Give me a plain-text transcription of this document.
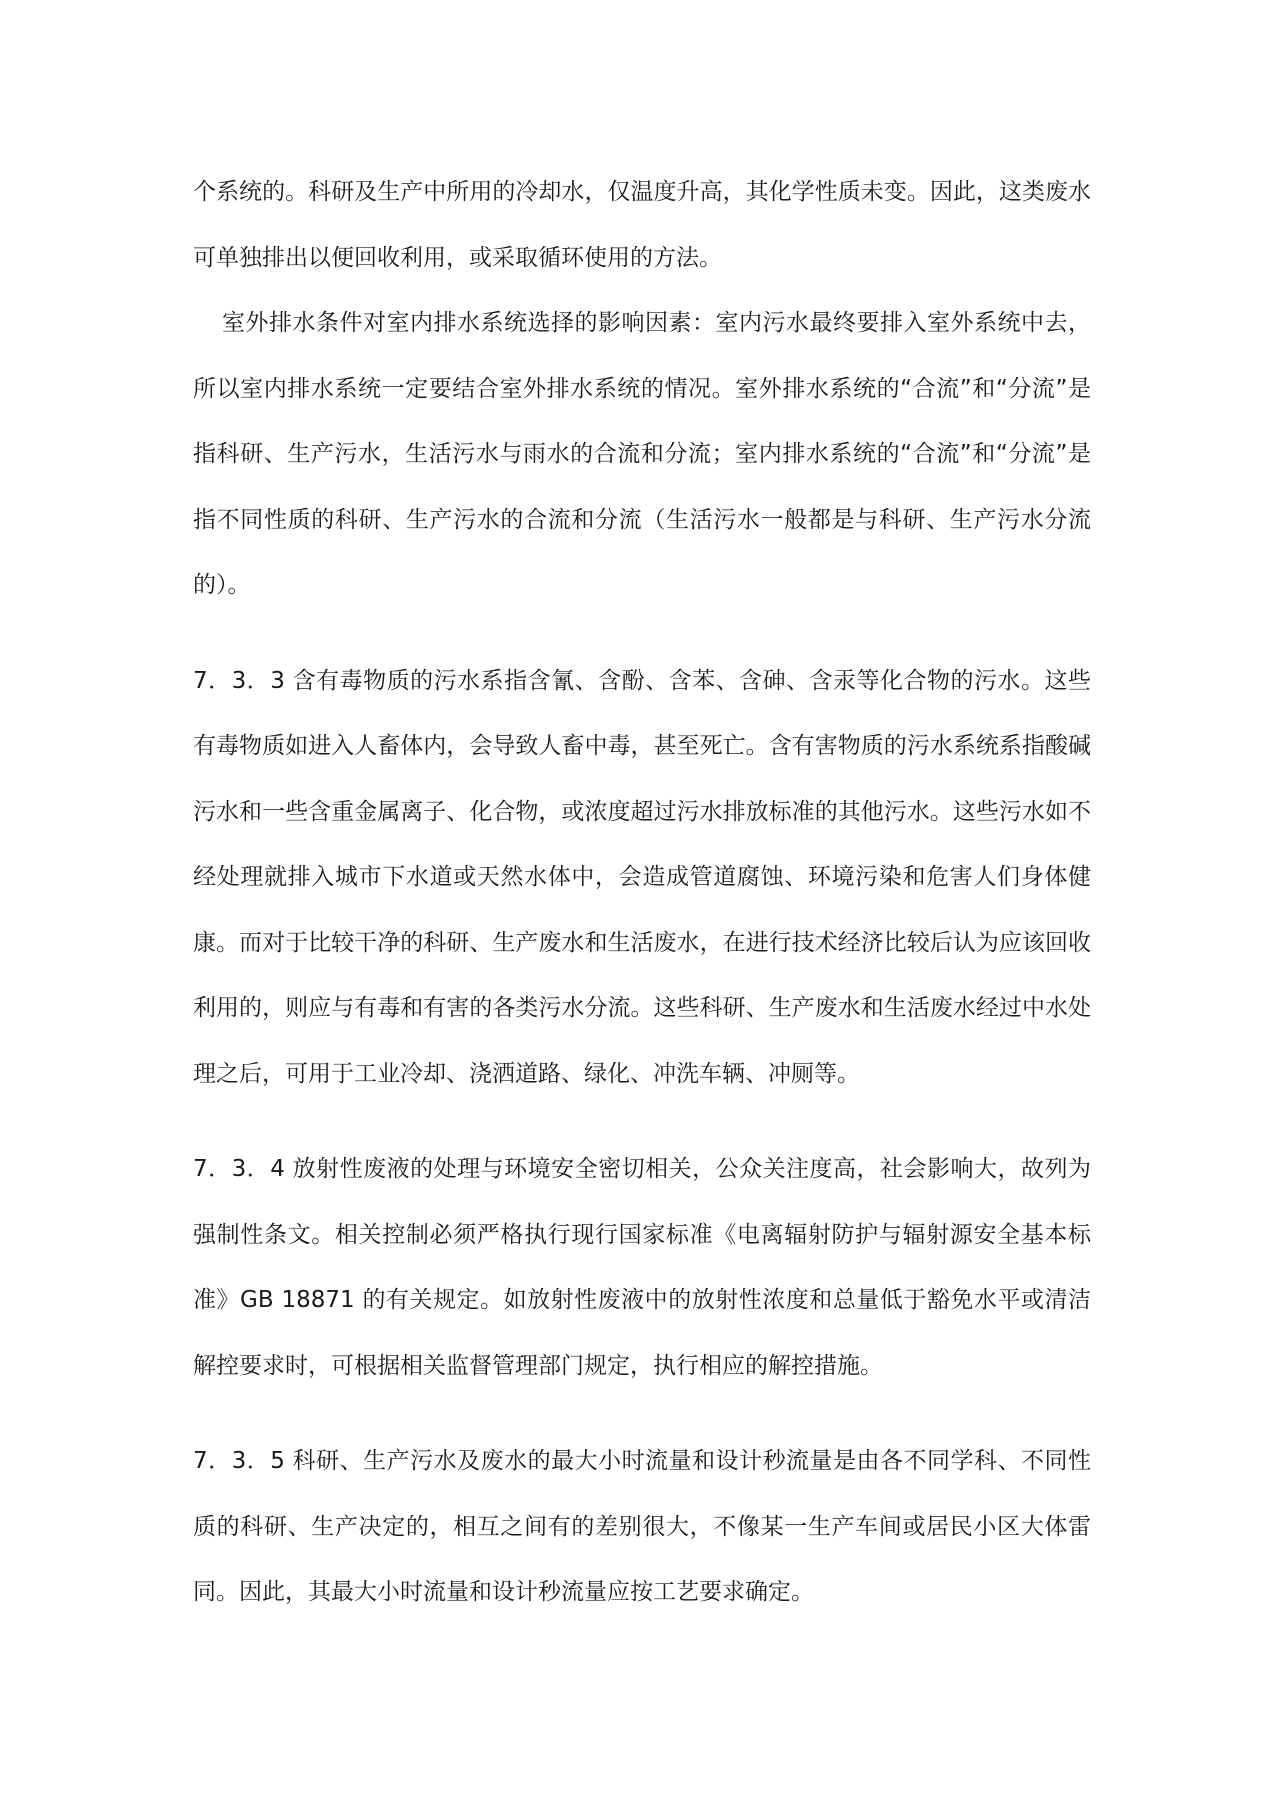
个系统的。科研及生产中所用的冷却水，仅温度升高，其化学性质未变。因此，这类废水可单独排出以便回收利用，或采取循环使用的方法。

室外排水条件对室内排水系统选择的影响因素：室内污水最终要排入室外系统中去，所以室内排水系统一定要结合室外排水系统的情况。室外排水系统的“合流”和“分流”是指科研、生产污水，生活污水与雨水的合流和分流；室内排水系统的“合流”和“分流”是指不同性质的科研、生产污水的合流和分流（生活污水一般都是与科研、生产污水分流的）。

7．3．3 含有毒物质的污水系指含氰、含酚、含苯、含砷、含汞等化合物的污水。这些有毒物质如进入人畜体内，会导致人畜中毒，甚至死亡。含有害物质的污水系统系指酸碱污水和一些含重金属离子、化合物，或浓度超过污水排放标准的其他污水。这些污水如不经处理就排入城市下水道或天然水体中，会造成管道腐蚀、环境污染和危害人们身体健康。而对于比较干净的科研、生产废水和生活废水，在进行技术经济比较后认为应该回收利用的，则应与有毒和有害的各类污水分流。这些科研、生产废水和生活废水经过中水处理之后，可用于工业冷却、浇洒道路、绿化、冲洗车辆、冲厕等。

7．3．4 放射性废液的处理与环境安全密切相关，公众关注度高，社会影响大，故列为强制性条文。相关控制必须严格执行现行国家标准《电离辐射防护与辐射源安全基本标准》GB 18871 的有关规定。如放射性废液中的放射性浓度和总量低于豁免水平或清洁解控要求时，可根据相关监督管理部门规定，执行相应的解控措施。

7．3．5 科研、生产污水及废水的最大小时流量和设计秒流量是由各不同学科、不同性质的科研、生产决定的，相互之间有的差别很大，不像某一生产车间或居民小区大体雷同。因此，其最大小时流量和设计秒流量应按工艺要求确定。
